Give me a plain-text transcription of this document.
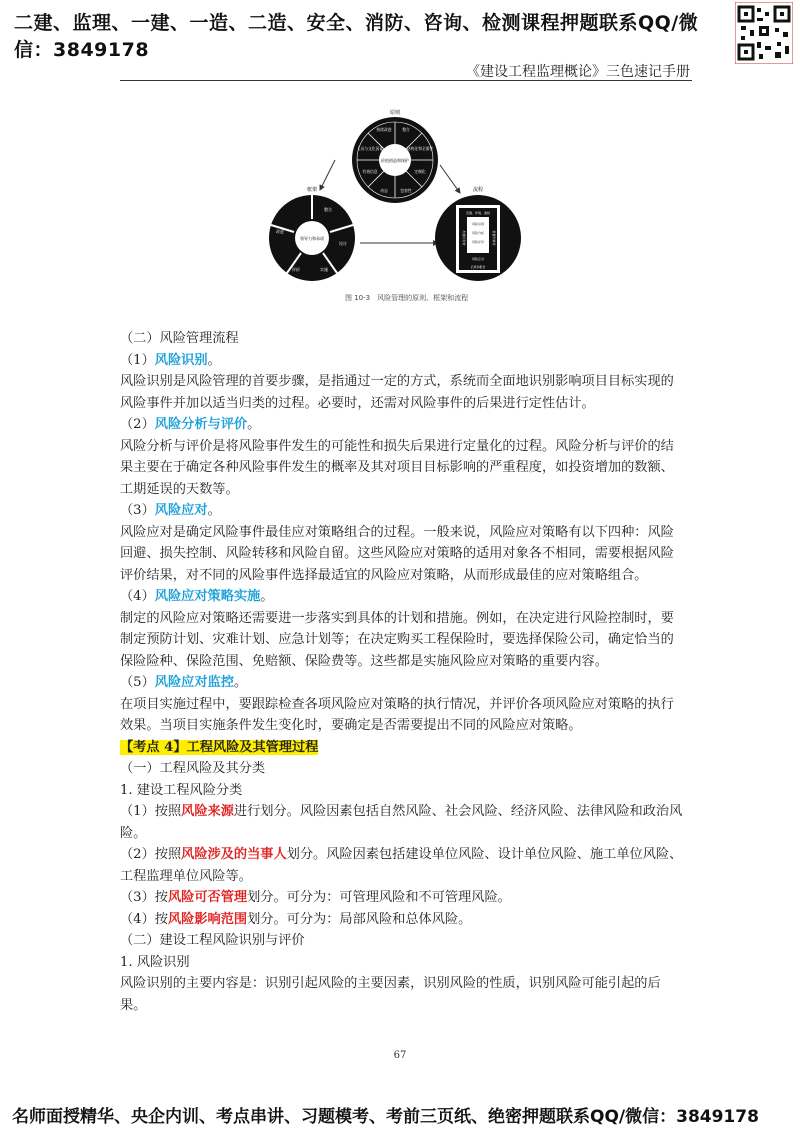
二建、监理、一建、一造、二造、安全、消防、咨询、检测课程押题联系QQ/微信：3849178
《建设工程监理概论》三色速记手册
原则
价值创造和保护
持续改进	整合
结构化和全面性
定制化
包容性
动态
有效信息
人员与文化因素
框架
领导力和承诺
整合
设计
实施
评价
改进
流程
范围、环境、准则
风险识别
风险分析
风险评价
风险应对
记录和报告
沟通和咨询	监督和审查
图 10-3　风险管理的原则、框架和流程

（二）风险管理流程

（1）风险识别。

风险识别是风险管理的首要步骤，是指通过一定的方式，系统而全面地识别影响项目目标实现的风险事件并加以适当归类的过程。必要时，还需对风险事件的后果进行定性估计。

（2）风险分析与评价。

风险分析与评价是将风险事件发生的可能性和损失后果进行定量化的过程。风险分析与评价的结果主要在于确定各种风险事件发生的概率及其对项目目标影响的严重程度，如投资增加的数额、工期延误的天数等。

（3）风险应对。

风险应对是确定风险事件最佳应对策略组合的过程。一般来说，风险应对策略有以下四种：风险回避、损失控制、风险转移和风险自留。这些风险应对策略的适用对象各不相同，需要根据风险评价结果，对不同的风险事件选择最适宜的风险应对策略，从而形成最佳的应对策略组合。

（4）风险应对策略实施。

制定的风险应对策略还需要进一步落实到具体的计划和措施。例如，在决定进行风险控制时，要制定预防计划、灾难计划、应急计划等；在决定购买工程保险时，要选择保险公司，确定恰当的保险险种、保险范围、免赔额、保险费等。这些都是实施风险应对策略的重要内容。

（5）风险应对监控。

在项目实施过程中，要跟踪检查各项风险应对策略的执行情况，并评价各项风险应对策略的执行效果。当项目实施条件发生变化时，要确定是否需要提出不同的风险应对策略。

【考点 4】工程风险及其管理过程

（一）工程风险及其分类

1. 建设工程风险分类

（1）按照风险来源进行划分。风险因素包括自然风险、社会风险、经济风险、法律风险和政治风险。

（2）按照风险涉及的当事人划分。风险因素包括建设单位风险、设计单位风险、施工单位风险、工程监理单位风险等。

（3）按风险可否管理划分。可分为：可管理风险和不可管理风险。

（4）按风险影响范围划分。可分为：局部风险和总体风险。

（二）建设工程风险识别与评价

1. 风险识别

风险识别的主要内容是：识别引起风险的主要因素，识别风险的性质，识别风险可能引起的后果。

67
名师面授精华、央企内训、考点串讲、习题模考、考前三页纸、绝密押题联系QQ/微信：3849178
